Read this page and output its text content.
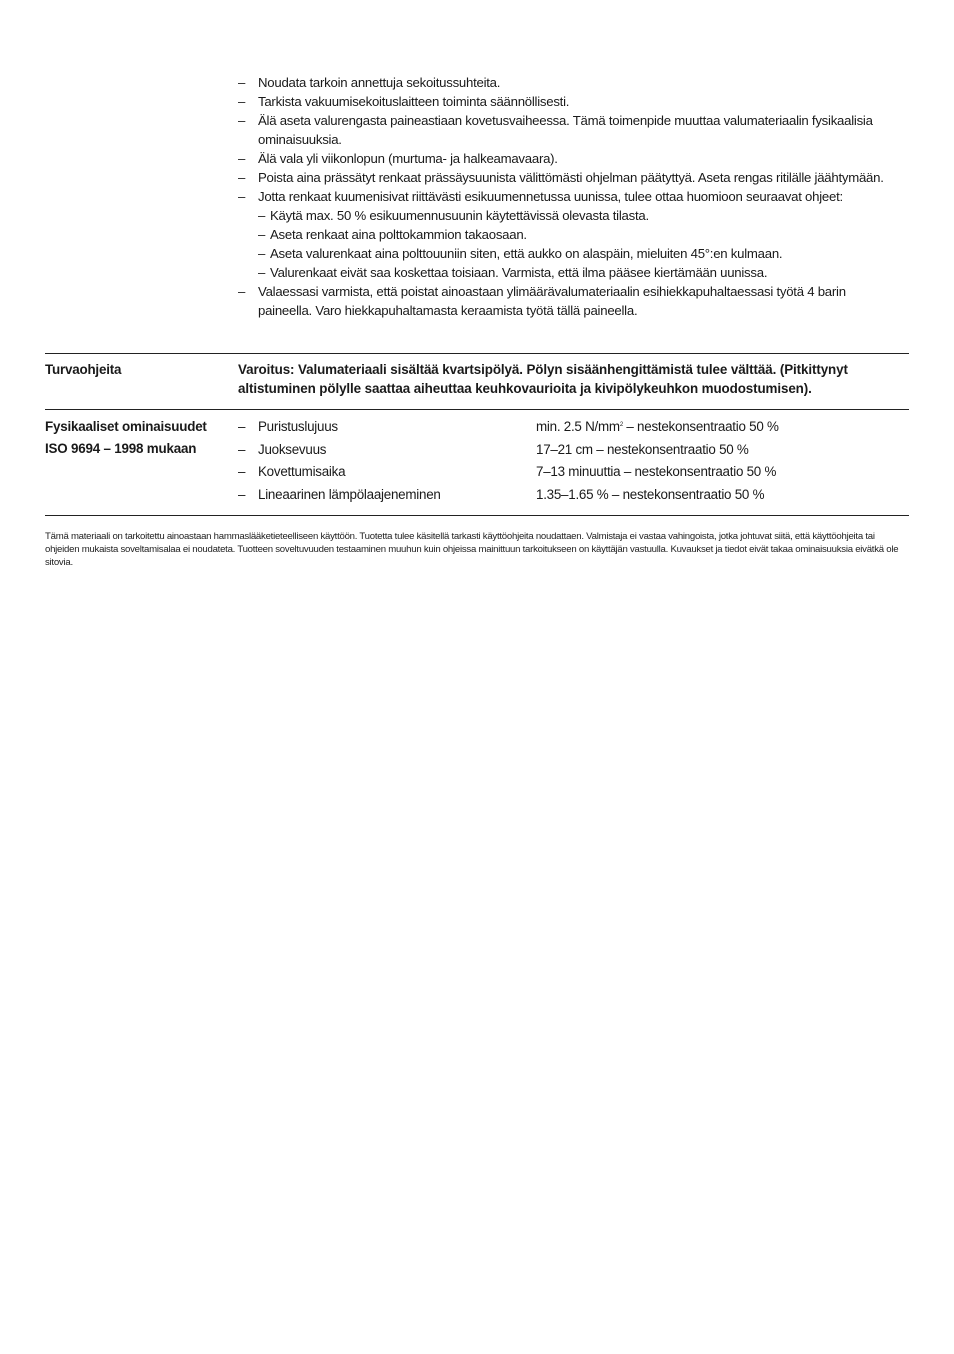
– Noudata tarkoin annettuja sekoitussuhteita.
– Tarkista vakuumisekoituslaitteen toiminta säännöllisesti.
– Älä aseta valurengasta paineastiaan kovetusvaiheessa. Tämä toimenpide muuttaa valumateriaalin fysikaalisia ominaisuuksia.
– Älä vala yli viikonlopun (murtuma- ja halkeamavaara).
– Poista aina prässätyt renkaat prässäysuunista välittömästi ohjelman päätyttyä. Aseta rengas ritilälle jäähtymään.
– Jotta renkaat kuumenisivat riittävästi esikuumennetussa uunissa, tulee ottaa huomioon seuraavat ohjeet:
– Käytä max. 50 % esikuumennusuunin käytettävissä olevasta tilasta.
– Aseta renkaat aina polttokammion takaosaan.
– Aseta valurenkaat aina polttouuniin siten, että aukko on alaspäin, mieluiten 45°:en kulmaan.
– Valurenkaat eivät saa koskettaa toisiaan. Varmista, että ilma pääsee kiertämään uunissa.
– Valaessasi varmista, että poistat ainoastaan ylimäärävalumateriaalin esihiekkapuhaltaessasi työtä 4 barin paineella. Varo hiekkapuhaltamasta keraamista työtä tällä paineella.
Turvaohjeita	Varoitus: Valumateriaali sisältää kvartsipölyä. Pölyn sisäänhengittämistä tulee välttää. (Pitkittynyt altistuminen pölylle saattaa aiheuttaa keuhkovaurioita ja kivipölykeuhkon muodostumisen).
Fysikaaliset ominaisuudet
ISO 9694 – 1998 mukaan
– Puristuslujuus	min. 2.5 $N/mm^2$ – nestekonsentraatio 50 %
– Juoksevuus	17–21 cm – nestekonsentraatio 50 %
– Kovettumisaika	7–13 minuuttia – nestekonsentraatio 50 %
– Lineaarinen lämpölaajeneminen	1.35–1.65 % – nestekonsentraatio 50 %
Tämä materiaali on tarkoitettu ainoastaan hammaslääketieteelliseen käyttöön. Tuotetta tulee käsitellä tarkasti käyttöohjeita noudattaen. Valmistaja ei vastaa vahingoista, jotka johtuvat siitä, että käyttöohjeita tai ohjeiden mukaista soveltamisalaa ei noudateta. Tuotteen soveltuvuuden testaaminen muuhun kuin ohjeissa mainittuun tarkoitukseen on käyttäjän vastuulla. Kuvaukset ja tiedot eivät takaa ominaisuuksia eivätkä ole sitovia.
